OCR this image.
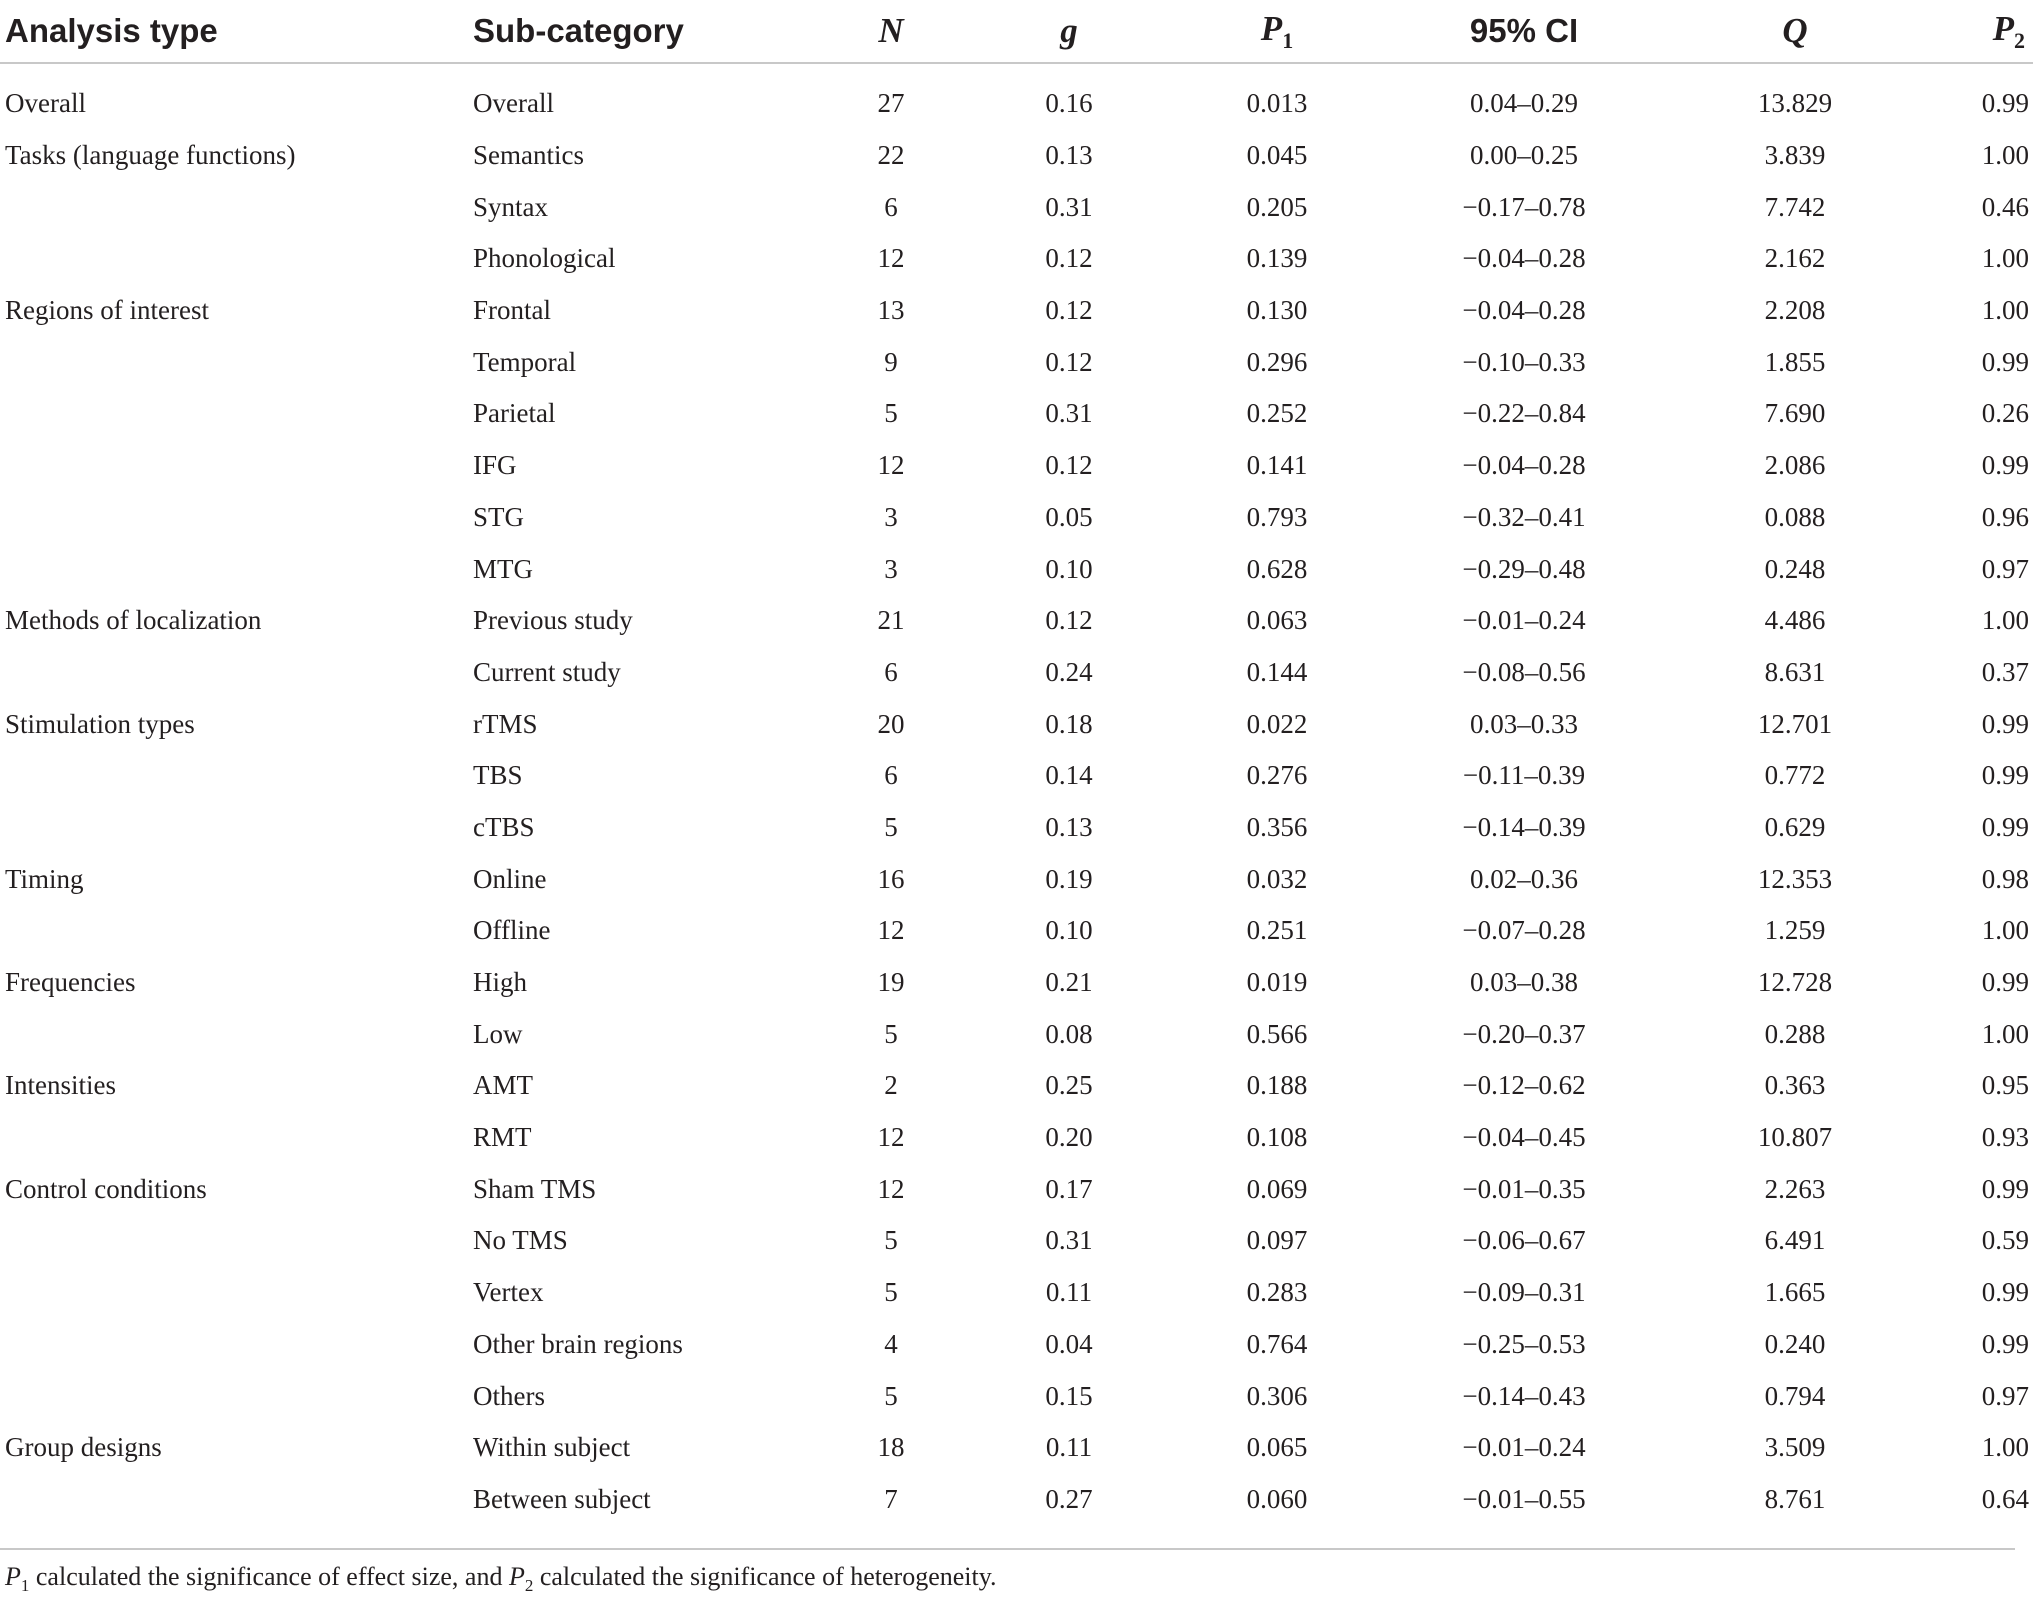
Analysis type	Sub-category	N	g	$P_1$	95% CI	Q	$P_2$
Overall	Overall	27	0.16	0.013	0.04–0.29	13.829	0.99
Tasks (language functions)	Semantics	22	0.13	0.045	0.00–0.25	3.839	1.00
	Syntax	6	0.31	0.205	−0.17–0.78	7.742	0.46
	Phonological	12	0.12	0.139	−0.04–0.28	2.162	1.00
Regions of interest	Frontal	13	0.12	0.130	−0.04–0.28	2.208	1.00
	Temporal	9	0.12	0.296	−0.10–0.33	1.855	0.99
	Parietal	5	0.31	0.252	−0.22–0.84	7.690	0.26
	IFG	12	0.12	0.141	−0.04–0.28	2.086	0.99
	STG	3	0.05	0.793	−0.32–0.41	0.088	0.96
	MTG	3	0.10	0.628	−0.29–0.48	0.248	0.97
Methods of localization	Previous study	21	0.12	0.063	−0.01–0.24	4.486	1.00
	Current study	6	0.24	0.144	−0.08–0.56	8.631	0.37
Stimulation types	rTMS	20	0.18	0.022	0.03–0.33	12.701	0.99
	TBS	6	0.14	0.276	−0.11–0.39	0.772	0.99
	cTBS	5	0.13	0.356	−0.14–0.39	0.629	0.99
Timing	Online	16	0.19	0.032	0.02–0.36	12.353	0.98
	Offline	12	0.10	0.251	−0.07–0.28	1.259	1.00
Frequencies	High	19	0.21	0.019	0.03–0.38	12.728	0.99
	Low	5	0.08	0.566	−0.20–0.37	0.288	1.00
Intensities	AMT	2	0.25	0.188	−0.12–0.62	0.363	0.95
	RMT	12	0.20	0.108	−0.04–0.45	10.807	0.93
Control conditions	Sham TMS	12	0.17	0.069	−0.01–0.35	2.263	0.99
	No TMS	5	0.31	0.097	−0.06–0.67	6.491	0.59
	Vertex	5	0.11	0.283	−0.09–0.31	1.665	0.99
	Other brain regions	4	0.04	0.764	−0.25–0.53	0.240	0.99
	Others	5	0.15	0.306	−0.14–0.43	0.794	0.97
Group designs	Within subject	18	0.11	0.065	−0.01–0.24	3.509	1.00
	Between subject	7	0.27	0.060	−0.01–0.55	8.761	0.64
$P_1$ calculated the significance of effect size, and $P_2$ calculated the significance of heterogeneity.
